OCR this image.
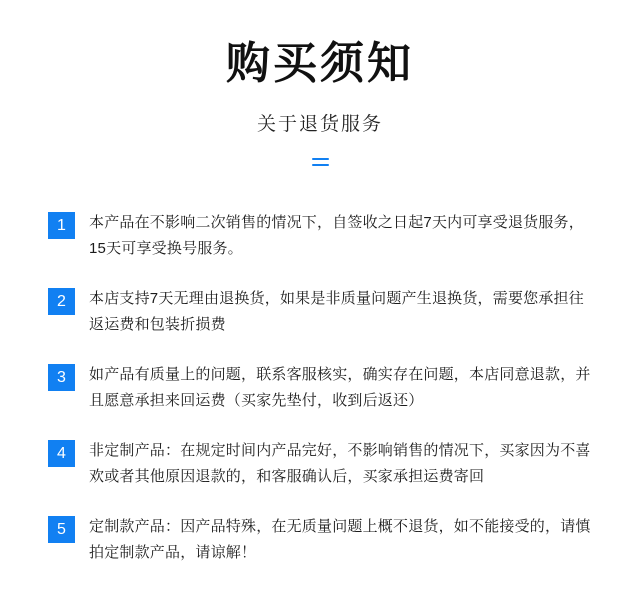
购买须知
关于退货服务
1	本产品在不影响二次销售的情况下，自签收之日起7天内可享受退货服务，15天可享受换号服务。
2	本店支持7天无理由退换货，如果是非质量问题产生退换货，需要您承担往返运费和包装折损费
3	如产品有质量上的问题，联系客服核实，确实存在问题，本店同意退款，并且愿意承担来回运费（买家先垫付，收到后返还）
4	非定制产品：在规定时间内产品完好，不影响销售的情况下，买家因为不喜欢或者其他原因退款的，和客服确认后，买家承担运费寄回
5	定制款产品：因产品特殊，在无质量问题上概不退货，如不能接受的，请慎拍定制款产品，请谅解！
